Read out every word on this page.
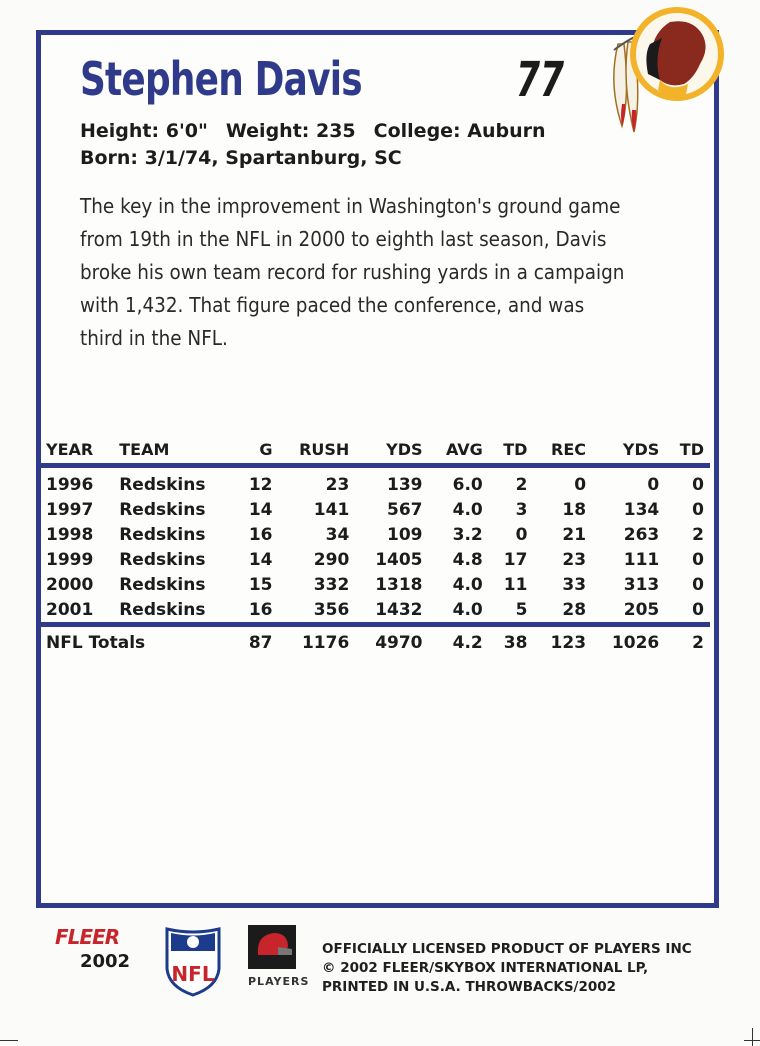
Stephen Davis	77
Height: 6'0" Weight: 235 College: Auburn
Born: 3/1/74, Spartanburg, SC
The key in the improvement in Washington's ground game from 19th in the NFL in 2000 to eighth last season, Davis broke his own team record for rushing yards in a campaign with 1,432. That figure paced the conference, and was third in the NFL.
YEAR	TEAM	G	RUSH	YDS	AVG	TD	REC	YDS	TD
1996	Redskins	12	23	139	6.0	2	0	0	0
1997	Redskins	14	141	567	4.0	3	18	134	0
1998	Redskins	16	34	109	3.2	0	21	263	2
1999	Redskins	14	290	1405	4.8	17	23	111	0
2000	Redskins	15	332	1318	4.0	11	33	313	0
2001	Redskins	16	356	1432	4.0	5	28	205	0
NFL Totals		87	1176	4970	4.2	38	123	1026	2
FLEER
2002
NFL	PLAYERS
OFFICIALLY LICENSED PRODUCT OF PLAYERS INC
© 2002 FLEER/SKYBOX INTERNATIONAL LP,
PRINTED IN U.S.A. THROWBACKS/2002
